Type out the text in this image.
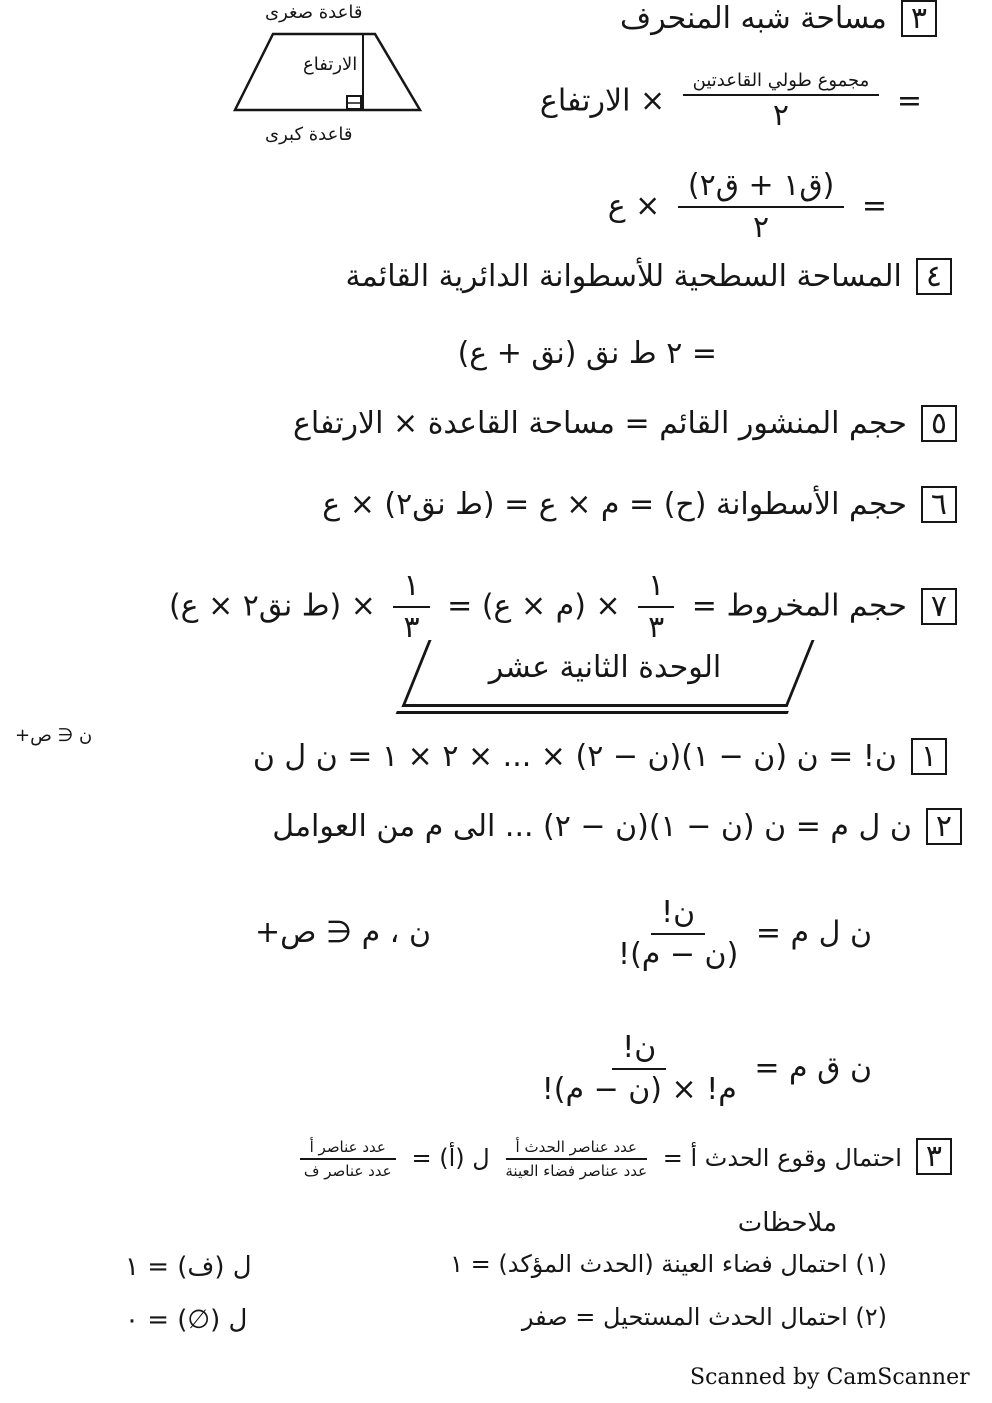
قاعدة صغرى
الارتفاع
قاعدة كبرى
٣مساحة شبه المنحرف
=
$\frac{\text{مجموع طولي القاعدتين}}{٢}$
× الارتفاع
=
$\frac{\text{(ق١ + ق٢)}}{٢}$
× ع
٤المساحة السطحية للأسطوانة الدائرية القائمة
= ٢ ط نق (نق + ع)
٥حجم المنشور القائم = مساحة القاعدة × الارتفاع
٦حجم الأسطوانة (ح) = م × ع = (ط نق٢) × ع
٧حجم المخروط =
$\frac{١}{٣}$
× (م × ع) =
$\frac{١}{٣}$
× (ط نق٢ × ع)
الوحدة الثانية عشر
١ن! = ن (ن − ١)(ن − ٢) × ... × ٢ × ١ = ن ل ن
ن ∈ ص+
٢ن ل م = ن (ن − ١)(ن − ٢) ... الى م من العوامل
ن ل م =
$\frac{\text{ن!}}{\text{(ن − م)!}}$
ن ، م ∈ ص+
ن ق م =
$\frac{\text{ن!}}{\text{م! × (ن − م)!}}$
٣احتمال وقوع الحدث أ =
$\frac{\text{عدد عناصر الحدث أ}}{\text{عدد عناصر فضاء العينة}}$
ل (أ) =
$\frac{\text{عدد عناصر أ}}{\text{عدد عناصر ف}}$
ملاحظات
(١) احتمال فضاء العينة (الحدث المؤكد) = ١
ل (ف) = ١
(٢) احتمال الحدث المستحيل = صفر
ل (∅) = ٠
Scanned by CamScanner
